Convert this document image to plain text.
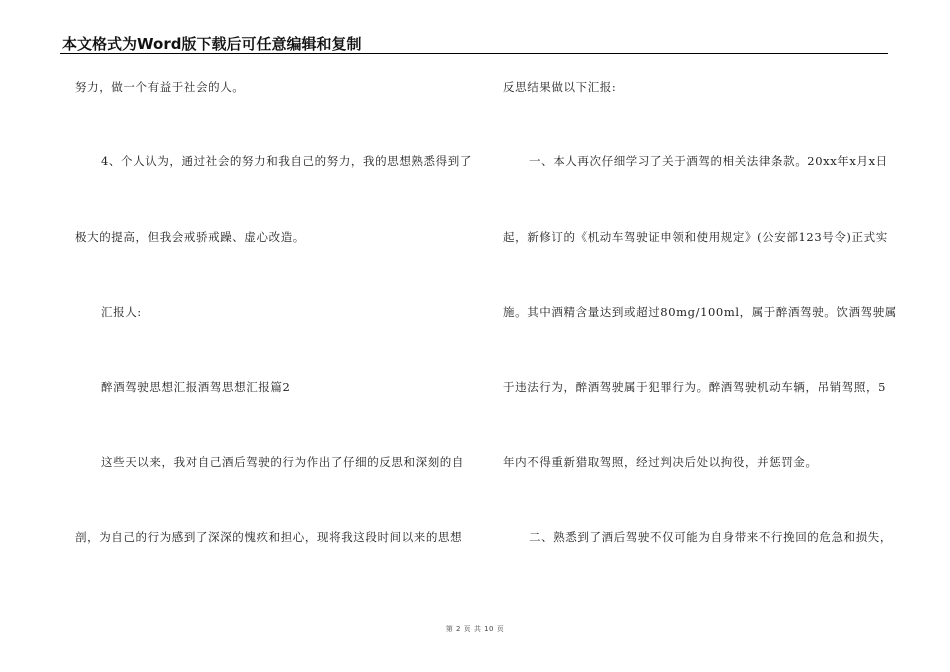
本文格式为Word版下载后可任意编辑和复制
努力，做一个有益于社会的人。
4、个人认为，通过社会的努力和我自己的努力，我的思想熟悉得到了
极大的提高，但我会戒骄戒躁、虚心改造。
汇报人:
醉酒驾驶思想汇报酒驾思想汇报篇2
这些天以来，我对自己酒后驾驶的行为作出了仔细的反思和深刻的自
剖，为自己的行为感到了深深的愧疚和担心，现将我这段时间以来的思想
反思结果做以下汇报:
一、本人再次仔细学习了关于酒驾的相关法律条款。20xx年x月x日
起，新修订的《机动车驾驶证申领和使用规定》(公安部123号令)正式实
施。其中酒精含量达到或超过80mg/100ml，属于醉酒驾驶。饮酒驾驶属
于违法行为，醉酒驾驶属于犯罪行为。醉酒驾驶机动车辆，吊销驾照，5
年内不得重新猎取驾照，经过判决后处以拘役，并惩罚金。
二、熟悉到了酒后驾驶不仅可能为自身带来不行挽回的危急和损失，
第 2 页 共 10 页
